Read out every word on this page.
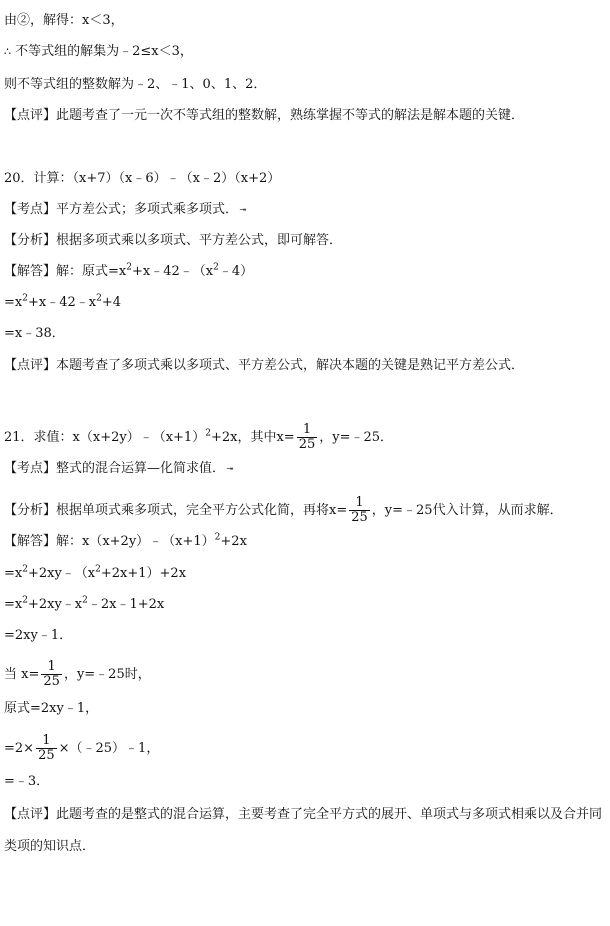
由②，解得：x＜3，
∴ 不等式组的解集为﹣2≤x＜3，
则不等式组的整数解为﹣2、﹣1、0、1、2．
【点评】此题考查了一元一次不等式组的整数解，熟练掌握不等式的解法是解本题的关键．
20．计算：（x+7）（x﹣6）﹣（x﹣2）（x+2）
【考点】平方差公式；多项式乘多项式． ╼
【分析】根据多项式乘以多项式、平方差公式，即可解答．
【解答】解：原式$=x^2+x﹣42﹣(x^2﹣4)$
$=x^2+x﹣42﹣x^2+4$
=x﹣38．
【点评】本题考查了多项式乘以多项式、平方差公式，解决本题的关键是熟记平方差公式．
21．求值：$x(x+2y)﹣(x+1)^2+2x$，其中$x= \frac{1}{25}$ ，y=﹣25．
【考点】整式的混合运算—化简求值． ╼
【分析】根据单项式乘多项式，完全平方公式化简，再将$x= \frac{1}{25}$ ，y=﹣25代入计算，从而求解．
【解答】解：$x(x+2y)﹣(x+1)^2+2x$
$=x^2+2xy﹣(x^2+2x+1)+2x$
$=x^2+2xy﹣x^2﹣2x﹣1+2x$
=2xy﹣1．
当 $x= \frac{1}{25}$ ，y=﹣25时，
原式=2xy﹣1，
$=2\times \frac{1}{25}$ ×（﹣25）﹣1，
=﹣3．
【点评】此题考查的是整式的混合运算，主要考查了完全平方式的展开、单项式与多项式相乘以及合并同类项的知识点．
